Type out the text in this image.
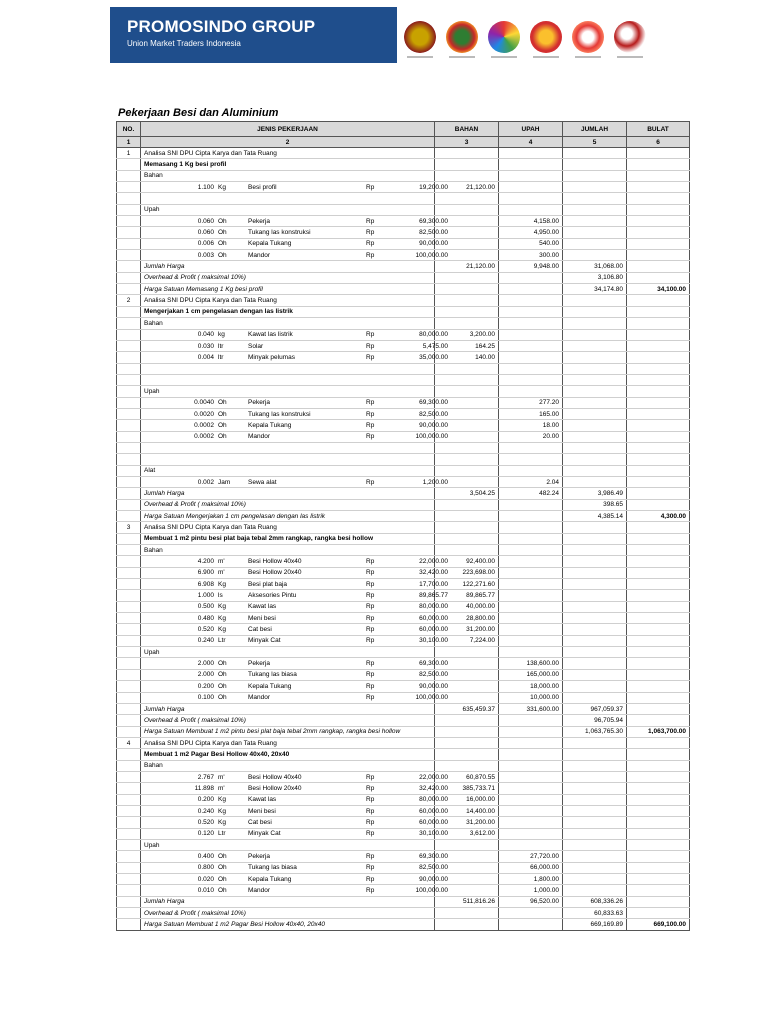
PROMOSINDO GROUP
Union Market Traders Indonesia
Pekerjaan Besi dan Aluminium
NO.	JENIS PEKERJAAN	BAHAN	UPAH	JUMLAH	BULAT
1	2	3	4	5	6
1	Analisa SNI DPU Cipta Karya dan Tata Ruang				
	Memasang 1 Kg besi profil				
	Bahan				
	1.100 Kg Besi profil Rp 19,200.00	21,120.00			

	Upah				
	0.060 Oh Pekerja Rp 69,300.00		4,158.00		
	0.060 Oh Tukang las konstruksi Rp 82,500.00		4,950.00		
	0.006 Oh Kepala Tukang Rp 90,000.00		540.00		
	0.003 Oh Mandor Rp 100,000.00		300.00		
	Jumlah Harga	21,120.00	9,948.00	31,068.00	
	Overhead & Profit ( maksimal 10%)			3,106.80	
	Harga Satuan Memasang 1 Kg besi profil			34,174.80	34,100.00
2	Analisa SNI DPU Cipta Karya dan Tata Ruang				
	Mengerjakan 1 cm pengelasan dengan las listrik				
	Bahan				
	0.040 kg Kawat las listrik Rp 80,000.00	3,200.00			
	0.030 ltr Solar Rp 5,475.00	164.25			
	0.004 ltr Minyak pelumas Rp 35,000.00	140.00			

	Upah				
	0.0040 Oh Pekerja Rp 69,300.00		277.20		
	0.0020 Oh Tukang las konstruksi Rp 82,500.00		165.00		
	0.0002 Oh Kepala Tukang Rp 90,000.00		18.00		
	0.0002 Oh Mandor Rp 100,000.00		20.00		

	Alat				
	0.002 Jam Sewa alat Rp 1,200.00		2.04		
	Jumlah Harga	3,504.25	482.24	3,986.49	
	Overhead & Profit ( maksimal 10%)			398.65	
	Harga Satuan Mengerjakan 1 cm pengelasan dengan las listrik			4,385.14	4,300.00
3	Analisa SNI DPU Cipta Karya dan Tata Ruang				
	Membuat 1 m2 pintu besi plat baja tebal 2mm rangkap, rangka besi hollow				
	Bahan				
	4.200 m' Besi Hollow 40x40 Rp 22,000.00	92,400.00			
	6.900 m' Besi Hollow 20x40 Rp 32,420.00	223,698.00			
	6.908 Kg Besi plat baja Rp 17,700.00	122,271.60			
	1.000 ls Aksesories Pintu Rp 89,865.77	89,865.77			
	0.500 Kg Kawat las Rp 80,000.00	40,000.00			
	0.480 Kg Meni besi Rp 60,000.00	28,800.00			
	0.520 Kg Cat besi Rp 60,000.00	31,200.00			
	0.240 Ltr Minyak Cat Rp 30,100.00	7,224.00			
	Upah				
	2.000 Oh Pekerja Rp 69,300.00		138,600.00		
	2.000 Oh Tukang las biasa Rp 82,500.00		165,000.00		
	0.200 Oh Kepala Tukang Rp 90,000.00		18,000.00		
	0.100 Oh Mandor Rp 100,000.00		10,000.00		
	Jumlah Harga	635,459.37	331,600.00	967,059.37	
	Overhead & Profit ( maksimal 10%)			96,705.94	
	Harga Satuan Membuat 1 m2 pintu besi plat baja tebal 2mm rangkap, rangka besi hollow			1,063,765.30	1,063,700.00
4	Analisa SNI DPU Cipta Karya dan Tata Ruang				
	Membuat 1 m2 Pagar Besi Hollow 40x40, 20x40				
	Bahan				
	2.767 m' Besi Hollow 40x40 Rp 22,000.00	60,870.55			
	11.898 m' Besi Hollow 20x40 Rp 32,420.00	385,733.71			
	0.200 Kg Kawat las Rp 80,000.00	16,000.00			
	0.240 Kg Meni besi Rp 60,000.00	14,400.00			
	0.520 Kg Cat besi Rp 60,000.00	31,200.00			
	0.120 Ltr Minyak Cat Rp 30,100.00	3,612.00			
	Upah				
	0.400 Oh Pekerja Rp 69,300.00		27,720.00		
	0.800 Oh Tukang las biasa Rp 82,500.00		66,000.00		
	0.020 Oh Kepala Tukang Rp 90,000.00		1,800.00		
	0.010 Oh Mandor Rp 100,000.00		1,000.00		
	Jumlah Harga	511,816.26	96,520.00	608,336.26	
	Overhead & Profit ( maksimal 10%)			60,833.63	
	Harga Satuan Membuat 1 m2 Pagar Besi Hollow 40x40, 20x40			669,169.89	669,100.00
